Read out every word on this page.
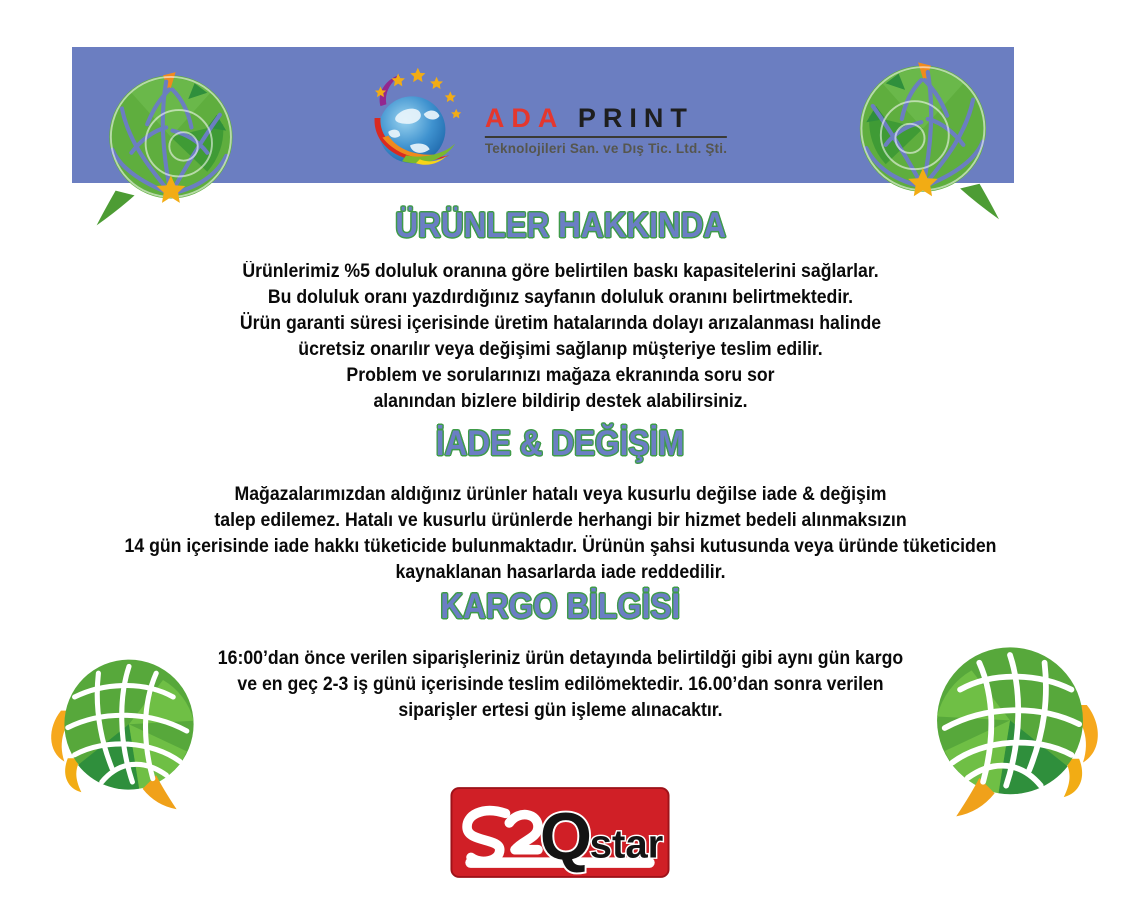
ADA PRINT
Teknolojileri San. ve Dış Tic. Ltd. Şti.
ÜRÜNLER HAKKINDA
Ürünlerimiz %5 doluluk oranına göre belirtilen baskı kapasitelerini sağlarlar.
Bu doluluk oranı yazdırdığınız sayfanın doluluk oranını belirtmektedir.
Ürün garanti süresi içerisinde üretim hatalarında dolayı arızalanması halinde
ücretsiz onarılır veya değişimi sağlanıp müşteriye teslim edilir.
Problem ve sorularınızı mağaza ekranında soru sor
alanından bizlere bildirip destek alabilirsiniz.
İADE & DEĞİŞİM
Mağazalarımızdan aldığınız ürünler hatalı veya kusurlu değilse iade & değişim
talep edilemez. Hatalı ve kusurlu ürünlerde herhangi bir hizmet bedeli alınmaksızın
14 gün içerisinde iade hakkı tüketicide bulunmaktadır. Ürünün şahsi kutusunda veya üründe tüketiciden
kaynaklanan hasarlarda iade reddedilir.
KARGO BİLGİSİ
16:00’dan önce verilen siparişleriniz ürün detayında belirtildği gibi aynı gün kargo
ve en geç 2-3 iş günü içerisinde teslim edilömektedir. 16.00’dan sonra verilen
siparişler ertesi gün işleme alınacaktır.
Q
star
